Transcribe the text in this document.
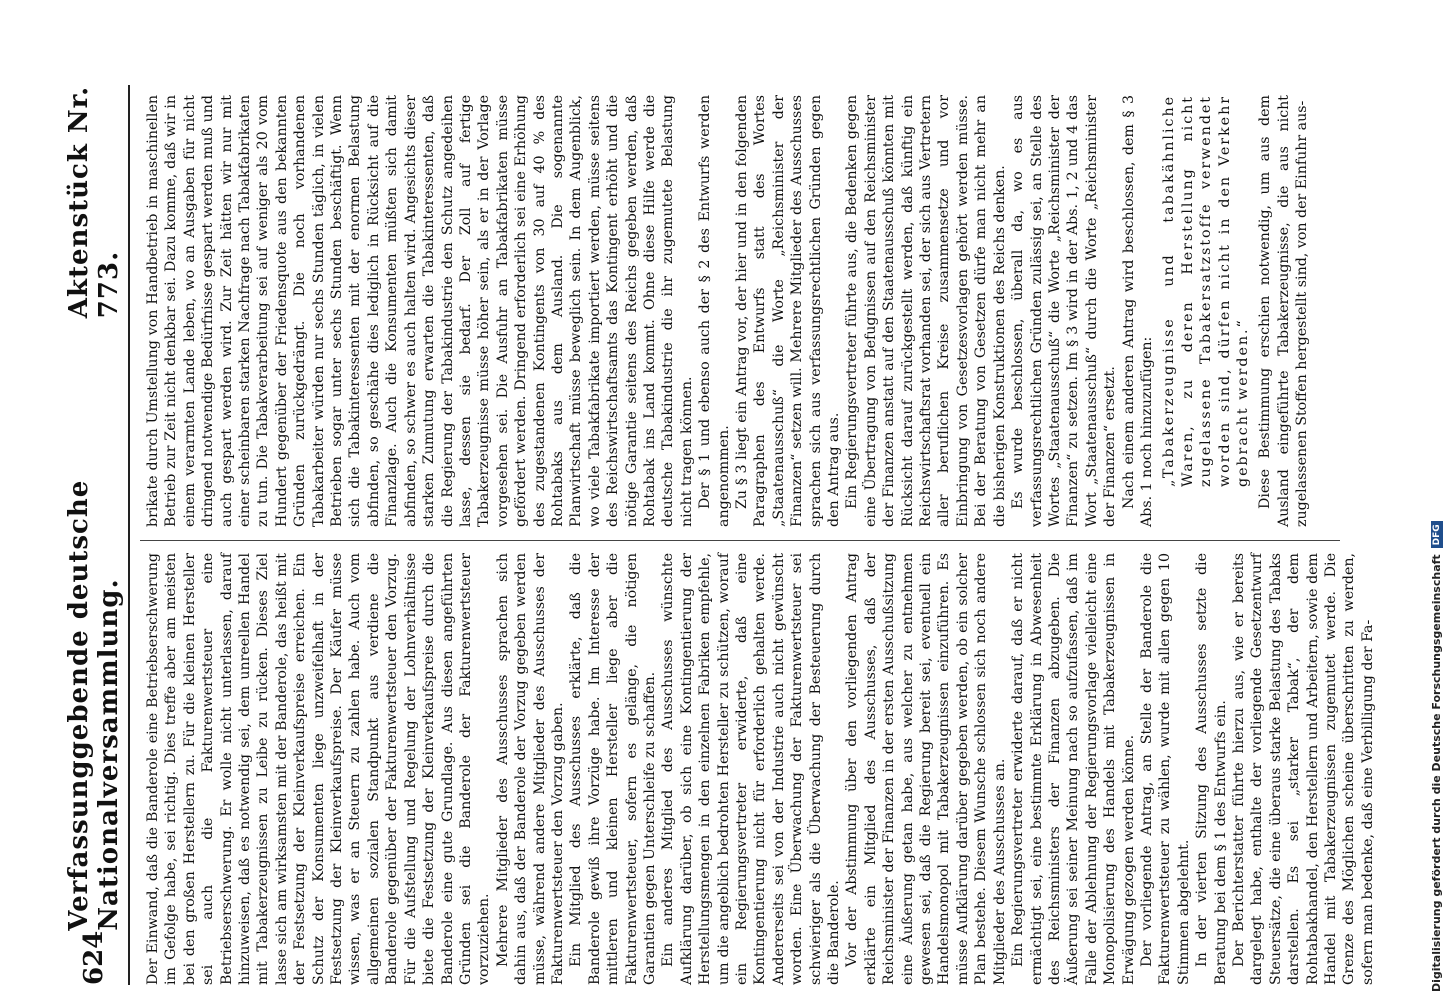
624
Verfassunggebende deutsche Nationalversammlung.
Aktenstück Nr. 773.

Der Einwand, daß die Banderole eine Betriebserschwerung im Gefolge habe, sei richtig. Dies treffe aber am meisten bei den großen Herstellern zu. Für die kleinen Hersteller sei auch die Fakturenwertsteuer eine Betriebserschwerung. Er wolle nicht unterlassen, darauf hinzuweisen, daß es notwendig sei, dem unreellen Handel mit Tabakerzeugnissen zu Leibe zu rücken. Dieses Ziel lasse sich am wirksamsten mit der Banderole, das heißt mit der Festsetzung der Kleinverkaufspreise erreichen. Ein Schutz der Konsumenten liege unzweifelhaft in der Festsetzung der Kleinverkaufspreise. Der Käufer müsse wissen, was er an Steuern zu zahlen habe. Auch vom allgemeinen sozialen Standpunkt aus verdiene die Banderole gegenüber der Fakturenwertsteuer den Vorzug. Für die Aufstellung und Regelung der Lohnverhältnisse biete die Festsetzung der Kleinverkaufspreise durch die Banderole eine gute Grundlage. Aus diesen angeführten Gründen sei die Banderole der Fakturenwertsteuer vorzuziehen. Mehrere Mitglieder des Ausschusses sprachen sich dahin aus, daß der Banderole der Vorzug gegeben werden müsse, während andere Mitglieder des Ausschusses der Fakturenwertsteuer den Vorzug gaben. Ein Mitglied des Ausschusses erklärte, daß die Banderole gewiß ihre Vorzüge habe. Im Interesse der mittleren und kleinen Hersteller liege aber die Fakturenwertsteuer, sofern es gelänge, die nötigen Garantien gegen Unterschleife zu schaffen. Ein anderes Mitglied des Ausschusses wünschte Aufklärung darüber, ob sich eine Kontingentierung der Herstellungsmengen in den einzelnen Fabriken empfehle, um die angeblich bedrohten Hersteller zu schützen, worauf ein Regierungsvertreter erwiderte, daß eine Kontingentierung nicht für erforderlich gehalten werde. Andererseits sei von der Industrie auch nicht gewünscht worden. Eine Überwachung der Fakturenwertsteuer sei schwieriger als die Überwachung der Besteuerung durch die Banderole. Vor der Abstimmung über den vorliegenden Antrag erklärte ein Mitglied des Ausschusses, daß der Reichsminister der Finanzen in der ersten Ausschußsitzung eine Äußerung getan habe, aus welcher zu entnehmen gewesen sei, daß die Regierung bereit sei, eventuell ein Handelsmonopol mit Tabakerzeugnissen einzuführen. Es müsse Aufklärung darüber gegeben werden, ob ein solcher Plan bestehe. Diesem Wunsche schlossen sich noch andere Mitglieder des Ausschusses an. Ein Regierungsvertreter erwiderte darauf, daß er nicht ermächtigt sei, eine bestimmte Erklärung in Abwesenheit des Reichsministers der Finanzen abzugeben. Die Äußerung sei seiner Meinung nach so aufzufassen, daß im Falle der Ablehnung der Regierungsvorlage vielleicht eine Monopolisierung des Handels mit Tabakerzeugnissen in Erwägung gezogen werden könne. Der vorliegende Antrag, an Stelle der Banderole die Fakturenwertsteuer zu wählen, wurde mit allen gegen 10 Stimmen abgelehnt. In der vierten Sitzung des Ausschusses setzte die Beratung bei dem § 1 des Entwurfs ein. Der Berichterstatter führte hierzu aus, wie er bereits dargelegt habe, enthalte der vorliegende Gesetzentwurf Steuersätze, die eine überaus starke Belastung des Tabaks darstellen. Es sei „starker Tabak“, der dem Rohtabakhandel, den Herstellern und Arbeitern, sowie dem Handel mit Tabakerzeugnissen zugemutet werde. Die Grenze des Möglichen scheine überschritten zu werden, sofern man bedenke, daß eine Verbilligung der Fa-

brikate durch Umstellung von Handbetrieb in maschinellen Betrieb zur Zeit nicht denkbar sei. Dazu komme, daß wir in einem verarmten Lande leben, wo an Ausgaben für nicht dringend notwendige Bedürfnisse gespart werden muß und auch gespart werden wird. Zur Zeit hätten wir nur mit einer scheinbaren starken Nachfrage nach Tabakfabrikaten zu tun. Die Tabakverarbeitung sei auf weniger als 20 vom Hundert gegenüber der Friedensquote aus den bekannten Gründen zurückgedrängt. Die noch vorhandenen Tabakarbeiter würden nur sechs Stunden täglich, in vielen Betrieben sogar unter sechs Stunden beschäftigt. Wenn sich die Tabakinteressenten mit der enormen Belastung abfinden, so geschähe dies lediglich in Rücksicht auf die Finanzlage. Auch die Konsumenten müßten sich damit abfinden, so schwer es auch halten wird. Angesichts dieser starken Zumutung erwarten die Tabakinteressenten, daß die Regierung der Tabakindustrie den Schutz angedeihen lasse, dessen sie bedarf. Der Zoll auf fertige Tabakerzeugnisse müsse höher sein, als er in der Vorlage vorgesehen sei. Die Ausfuhr an Tabakfabrikaten müsse gefördert werden. Dringend erforderlich sei eine Erhöhung des zugestandenen Kontingents von 30 auf 40 % des Rohtabaks aus dem Ausland. Die sogenannte Planwirtschaft müsse beweglich sein. In dem Augenblick, wo viele Tabakfabrikate importiert werden, müsse seitens des Reichswirtschaftsamts das Kontingent erhöht und die nötige Garantie seitens des Reichs gegeben werden, daß Rohtabak ins Land kommt. Ohne diese Hilfe werde die deutsche Tabakindustrie die ihr zugemutete Belastung nicht tragen können. Der § 1 und ebenso auch der § 2 des Entwurfs werden angenommen. Zu § 3 liegt ein Antrag vor, der hier und in den folgenden Paragraphen des Entwurfs statt des Wortes „Staatenausschuß“ die Worte „Reichsminister der Finanzen“ setzen will. Mehrere Mitglieder des Ausschusses sprachen sich aus verfassungsrechtlichen Gründen gegen den Antrag aus. Ein Regierungsvertreter führte aus, die Bedenken gegen eine Übertragung von Befugnissen auf den Reichsminister der Finanzen anstatt auf den Staatenausschuß könnten mit Rücksicht darauf zurückgestellt werden, daß künftig ein Reichswirtschaftsrat vorhanden sei, der sich aus Vertretern aller beruflichen Kreise zusammensetze und vor Einbringung von Gesetzesvorlagen gehört werden müsse. Bei der Beratung von Gesetzen dürfe man nicht mehr an die bisherigen Konstruktionen des Reichs denken. Es wurde beschlossen, überall da, wo es aus verfassungsrechtlichen Gründen zulässig sei, an Stelle des Wortes „Staatenausschuß“ die Worte „Reichsminister der Finanzen“ zu setzen. Im § 3 wird in der Abs. 1, 2 und 4 das Wort „Staatenausschuß“ durch die Worte „Reichsminister der Finanzen“ ersetzt. Nach einem anderen Antrag wird beschlossen, dem § 3 Abs. 1 noch hinzuzufügen: „Tabakerzeugnisse und tabakähnliche Waren, zu deren Herstellung nicht zugelassene Tabakersatzstoffe verwendet worden sind, dürfen nicht in den Verkehr gebracht werden.“ Diese Bestimmung erschien notwendig, um aus dem Ausland eingeführte Tabakerzeugnisse, die aus nicht zugelassenen Stoffen hergestellt sind, von der Einfuhr aus-

Digitalisierung gefördert durch die Deutsche Forschungsgemeinschaft
DFG
